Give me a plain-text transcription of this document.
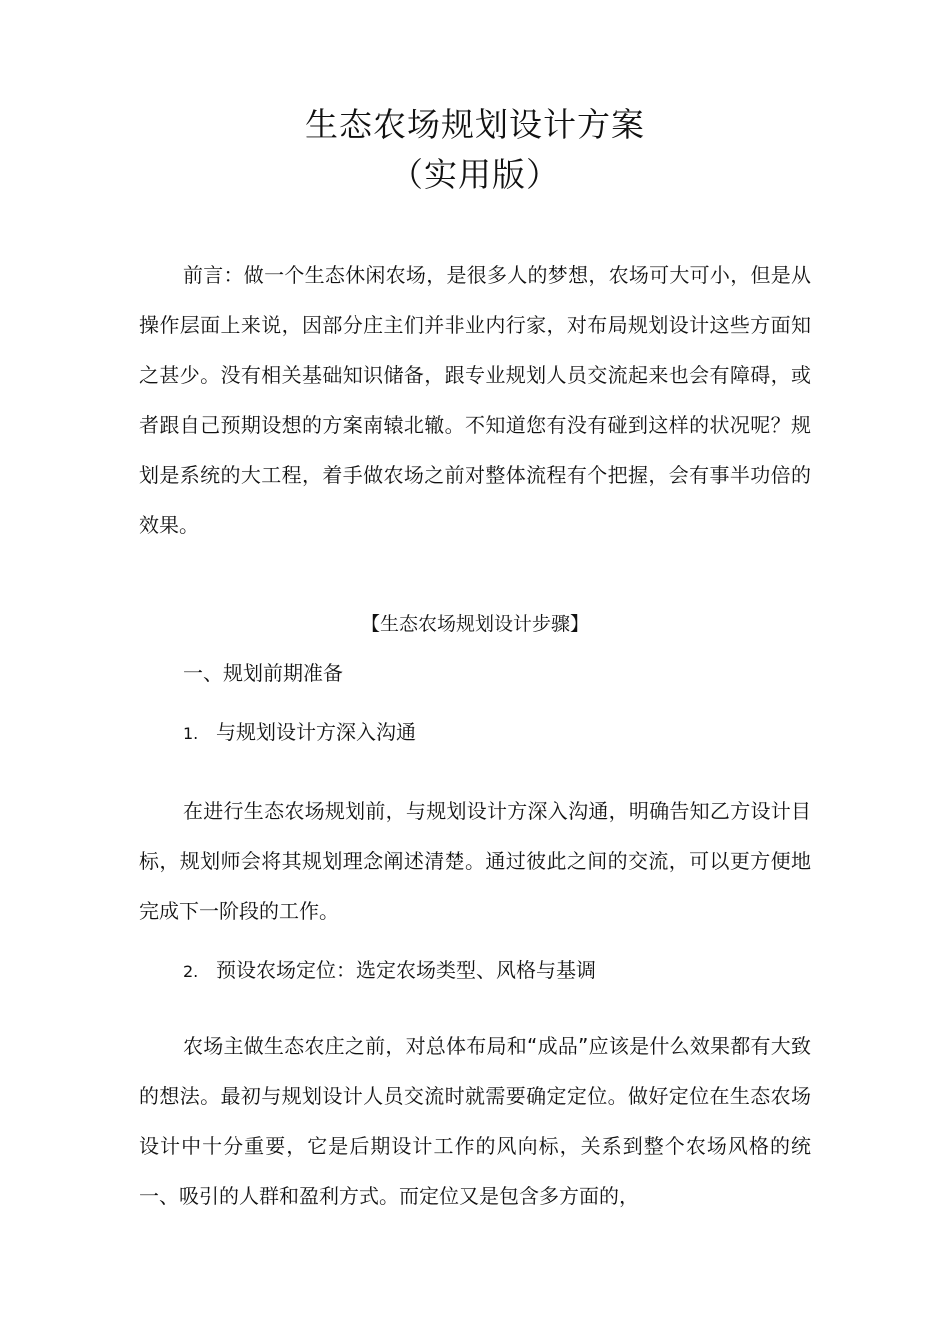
生态农场规划设计方案
（实用版）

前言：做一个生态休闲农场，是很多人的梦想，农场可大可小，但是从操作层面上来说，因部分庄主们并非业内行家，对布局规划设计这些方面知之甚少。没有相关基础知识储备，跟专业规划人员交流起来也会有障碍，或者跟自己预期设想的方案南辕北辙。不知道您有没有碰到这样的状况呢？规划是系统的大工程，着手做农场之前对整体流程有个把握，会有事半功倍的效果。

【生态农场规划设计步骤】
一、规划前期准备
1. 与规划设计方深入沟通

在进行生态农场规划前，与规划设计方深入沟通，明确告知乙方设计目标，规划师会将其规划理念阐述清楚。通过彼此之间的交流，可以更方便地完成下一阶段的工作。

2. 预设农场定位：选定农场类型、风格与基调

农场主做生态农庄之前，对总体布局和“成品”应该是什么效果都有大致的想法。最初与规划设计人员交流时就需要确定定位。做好定位在生态农场设计中十分重要，它是后期设计工作的风向标，关系到整个农场风格的统一、吸引的人群和盈利方式。而定位又是包含多方面的，
